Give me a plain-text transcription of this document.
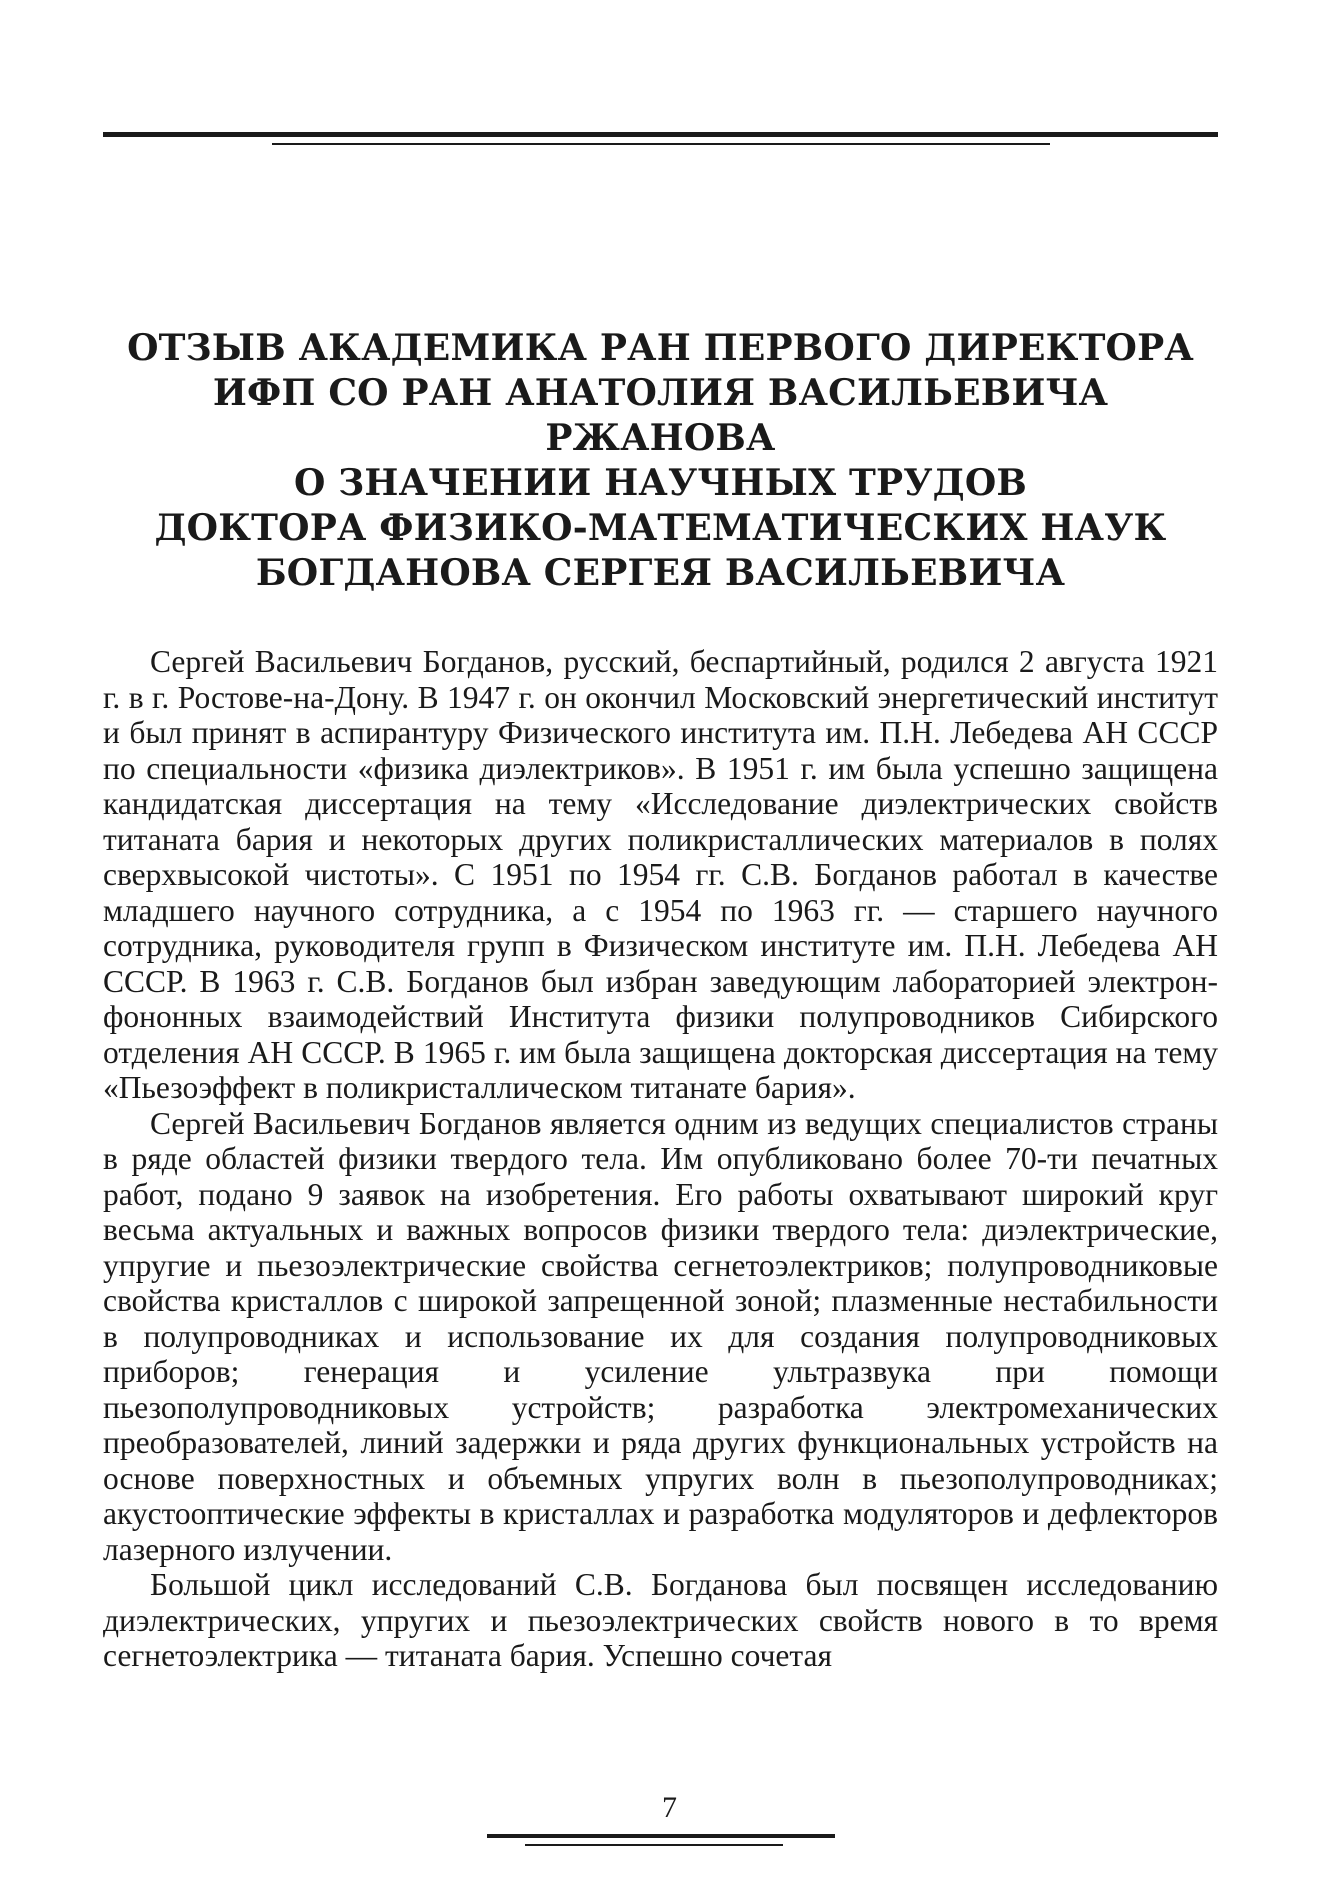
ОТЗЫВ АКАДЕМИКА РАН ПЕРВОГО ДИРЕКТОРА
ИФП СО РАН АНАТОЛИЯ ВАСИЛЬЕВИЧА РЖАНОВА
О ЗНАЧЕНИИ НАУЧНЫХ ТРУДОВ
ДОКТОРА ФИЗИКО-МАТЕМАТИЧЕСКИХ НАУК
БОГДАНОВА СЕРГЕЯ ВАСИЛЬЕВИЧА

Сергей Васильевич Богданов, русский, беспартийный, родился 2 августа 1921 г. в г. Ростове-на-Дону. В 1947 г. он окончил Московский энергетический институт и был принят в аспирантуру Физического института им. П.Н. Лебедева АН СССР по специальности «физика диэлектриков». В 1951 г. им была успешно защищена кандидатская диссертация на тему «Исследование диэлектрических свойств титаната бария и некоторых других поликристаллических материалов в полях сверхвысокой чистоты». С 1951 по 1954 гг. С.В. Богданов работал в качестве младшего научного сотрудника, а с 1954 по 1963 гг. — старшего научного сотрудника, руководителя групп в Физическом институте им. П.Н. Лебедева АН СССР. В 1963 г. С.В. Богданов был избран заведующим лабораторией электрон-фононных взаимодействий Института физики полупроводников Сибирского отделения АН СССР. В 1965 г. им была защищена докторская диссертация на тему «Пьезоэффект в поликристаллическом титанате бария».

Сергей Васильевич Богданов является одним из ведущих специалистов страны в ряде областей физики твердого тела. Им опубликовано более 70-ти печатных работ, подано 9 заявок на изобретения. Его работы охватывают широкий круг весьма актуальных и важных вопросов физики твердого тела: диэлектрические, упругие и пьезоэлектрические свойства сегнетоэлектриков; полупроводниковые свойства кристаллов с широкой запрещенной зоной; плазменные нестабильности в полупроводниках и использование их для создания полупроводниковых приборов; генерация и усиление ультразвука при помощи пьезополупроводниковых устройств; разработка электромеханических преобразователей, линий задержки и ряда других функциональных устройств на основе поверхностных и объемных упругих волн в пьезополупроводниках; акустооптические эффекты в кристаллах и разработка модуляторов и дефлекторов лазерного излучении.

Большой цикл исследований С.В. Богданова был посвящен исследованию диэлектрических, упругих и пьезоэлектрических свойств нового в то время сегнетоэлектрика — титаната бария. Успешно сочетая

7
